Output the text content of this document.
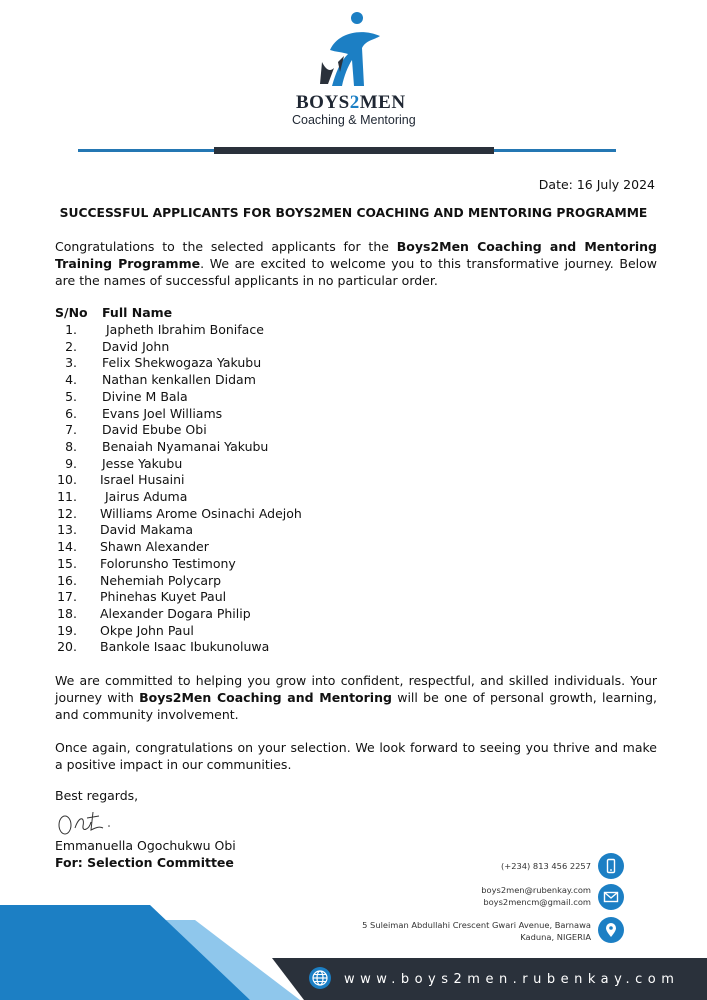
BOYS2MEN
Coaching & Mentoring
Date: 16 July 2024
SUCCESSFUL APPLICANTS FOR BOYS2MEN COACHING AND MENTORING PROGRAMME
Congratulations to the selected applicants for the Boys2Men Coaching and Mentoring Training Programme. We are excited to welcome you to this transformative journey. Below are the names of successful applicants in no particular order.
S/No Full Name
1. Japheth Ibrahim Boniface
2. David John
3. Felix Shekwogaza Yakubu
4. Nathan kenkallen Didam
5. Divine M Bala
6. Evans Joel Williams
7. David Ebube Obi
8. Benaiah Nyamanai Yakubu
9. Jesse Yakubu
10. Israel Husaini
11. Jairus Aduma
12. Williams Arome Osinachi Adejoh
13. David Makama
14. Shawn Alexander
15. Folorunsho Testimony
16. Nehemiah Polycarp
17. Phinehas Kuyet Paul
18. Alexander Dogara Philip
19. Okpe John Paul
20. Bankole Isaac Ibukunoluwa
We are committed to helping you grow into confident, respectful, and skilled individuals. Your journey with Boys2Men Coaching and Mentoring will be one of personal growth, learning, and community involvement.
Once again, congratulations on your selection. We look forward to seeing you thrive and make a positive impact in our communities.
Best regards,
Emmanuella Ogochukwu Obi
For: Selection Committee	(+234) 813 456 2257
boys2men@rubenkay.com
boys2mencm@gmail.com
5 Suleiman Abdullahi Crescent Gwari Avenue, Barnawa
Kaduna, NIGERIA
www.boys2men.rubenkay.com
